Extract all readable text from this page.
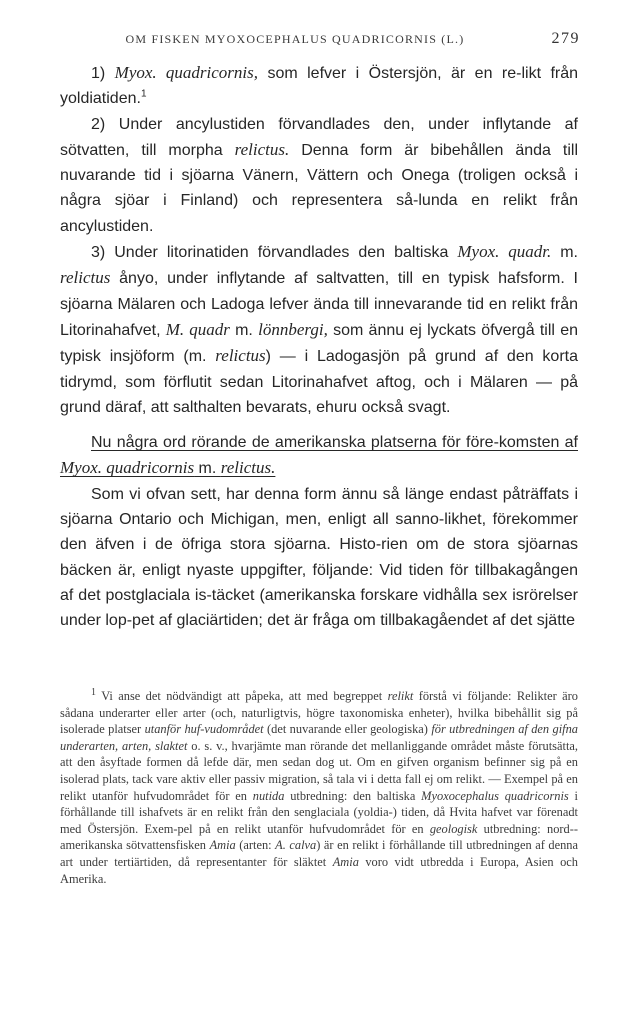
OM FISKEN MYOXOCEPHALUS QUADRICORNIS (L.)	279

1) Myox. quadricornis, som lefver i Östersjön, är en re-likt från yoldiatiden.$^1$

2) Under ancylustiden förvandlades den, under inflytande af sötvatten, till morpha relictus. Denna form är bibehållen ända till nuvarande tid i sjöarna Vänern, Vättern och Onega (troligen också i några sjöar i Finland) och representera så-lunda en relikt från ancylustiden.

3) Under litorinatiden förvandlades den baltiska Myox. quadr. m. relictus ånyo, under inflytande af saltvatten, till en typisk hafsform. I sjöarna Mälaren och Ladoga lefver ända till innevarande tid en relikt från Litorinahafvet, M. quadr m. lönnbergi, som ännu ej lyckats öfvergå till en typisk insjöform (m. relictus) — i Ladogasjön på grund af den korta tidrymd, som förflutit sedan Litorinahafvet aftog, och i Mälaren — på grund däraf, att salthalten bevarats, ehuru också svagt.

Nu några ord rörande de amerikanska platserna för före-komsten af Myox. quadricornis m. relictus.

Som vi ofvan sett, har denna form ännu så länge endast påträffats i sjöarna Ontario och Michigan, men, enligt all sanno-likhet, förekommer den äfven i de öfriga stora sjöarna. Histo-rien om de stora sjöarnas bäcken är, enligt nyaste uppgifter, följande: Vid tiden för tillbakagången af det postglaciala is-täcket (amerikanska forskare vidhålla sex isrörelser under lop-pet af glaciärtiden; det är fråga om tillbakagåendet af det sjätte

$^1$ Vi anse det nödvändigt att påpeka, att med begreppet relikt förstå vi följande: Relikter äro sådana underarter eller arter (och, naturligtvis, högre taxonomiska enheter), hvilka bibehållit sig på isolerade platser utanför huf-vudområdet (det nuvarande eller geologiska) för utbredningen af den gifna underarten, arten, slaktet o. s. v., hvarjämte man rörande det mellanliggande området måste förutsätta, att den åsyftade formen då lefde där, men sedan dog ut. Om en gifven organism befinner sig på en isolerad plats, tack vare aktiv eller passiv migration, så tala vi i detta fall ej om relikt. — Exempel på en relikt utanför hufvudområdet för en nutida utbredning: den baltiska Myoxocephalus quadricornis i förhållande till ishafvets är en relikt från den senglaciala (yoldia-) tiden, då Hvita hafvet var förenadt med Östersjön. Exem-pel på en relikt utanför hufvudområdet för en geologisk utbredning: nord-amerikanska sötvattensfisken Amia (arten: A. calva) är en relikt i förhållande till utbredningen af denna art under tertiärtiden, då representanter för släktet Amia voro vidt utbredda i Europa, Asien och Amerika.
